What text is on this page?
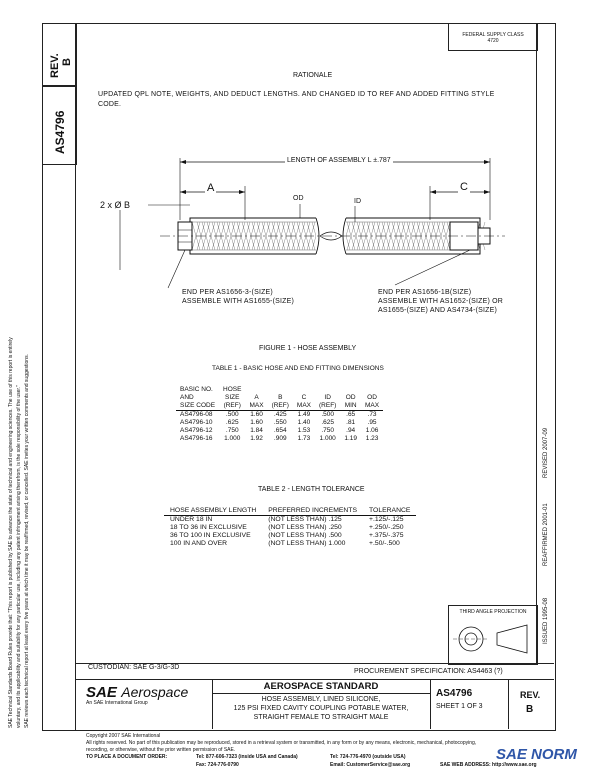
SAE Technical Standards Board Rules provide that: "This report is published by SAE to advance the state of technical and engineering sciences. The use of this report is entirely voluntary, and its applicability and suitability for any particular use, including any patent infringement arising therefrom, is the sole responsibility of the user." SAE reviews each technical report at least every five years at which time it may be reaffirmed, revised, or cancelled. SAE invites your written comments and suggestions.
REV. B
AS4796
REVISED 2007-09
REAFFIRMED 2001-01
ISSUED 1995-08
FEDERAL SUPPLY CLASS
4720
RATIONALE
UPDATED QPL NOTE, WEIGHTS, AND DEDUCT LENGTHS. AND CHANGED ID TO REF AND ADDED FITTING STYLE CODE.
LENGTH OF ASSEMBLY L ±.787
A	C
OD	ID
2 x Ø B
END PER AS1656-3-(SIZE)
ASSEMBLE WITH AS1655-(SIZE)
END PER AS1656-1B(SIZE)
ASSEMBLE WITH AS1652-(SIZE) OR
AS1655-(SIZE) AND AS4734-(SIZE)
FIGURE 1 - HOSE ASSEMBLY
TABLE 1 - BASIC HOSE AND END FITTING DIMENSIONS
BASIC NO.	HOSE						
AND	SIZE	A	B	C	ID	OD	OD
SIZE CODE	(REF)	MAX	(REF)	MAX	(REF)	MIN	MAX
AS4796-08	.500	1.60	.425	1.49	.500	.65	.73
AS4796-10	.625	1.60	.550	1.40	.625	.81	.95
AS4796-12	.750	1.84	.654	1.53	.750	.94	1.06
AS4796-16	1.000	1.92	.909	1.73	1.000	1.19	1.23
TABLE 2 - LENGTH TOLERANCE
HOSE ASSEMBLY LENGTH	PREFERRED INCREMENTS	TOLERANCE
UNDER 18 IN	(NOT LESS THAN) .125	+.125/-.125
18 TO 36 IN EXCLUSIVE	(NOT LESS THAN) .250	+.250/-.250
36 TO 100 IN EXCLUSIVE	(NOT LESS THAN) .500	+.375/-.375
100 IN AND OVER	(NOT LESS THAN) 1.000	+.50/-.500
THIRD ANGLE PROJECTION
CUSTODIAN: SAE G-3/G-3D
PROCUREMENT SPECIFICATION: AS4463 (?)
SAE Aerospace
An SAE International Group
AEROSPACE STANDARD
HOSE ASSEMBLY, LINED SILICONE,
125 PSI FIXED CAVITY COUPLING POTABLE WATER,
STRAIGHT FEMALE TO STRAIGHT MALE
AS4796
SHEET 1 OF 3
REV.
B
Copyright 2007 SAE International
All rights reserved. No part of this publication may be reproduced, stored in a retrieval system or transmitted, in any form or by any means, electronic, mechanical, photocopying,
recording, or otherwise, without the prior written permission of SAE.
TO PLACE A DOCUMENT ORDER:	Tel: 877-606-7323 (inside USA and Canada)	Tel: 724-776-4970 (outside USA)
Fax: 724-776-0790	Email: CustomerService@sae.org	SAE WEB ADDRESS: http://www.sae.org
SAE NORM
